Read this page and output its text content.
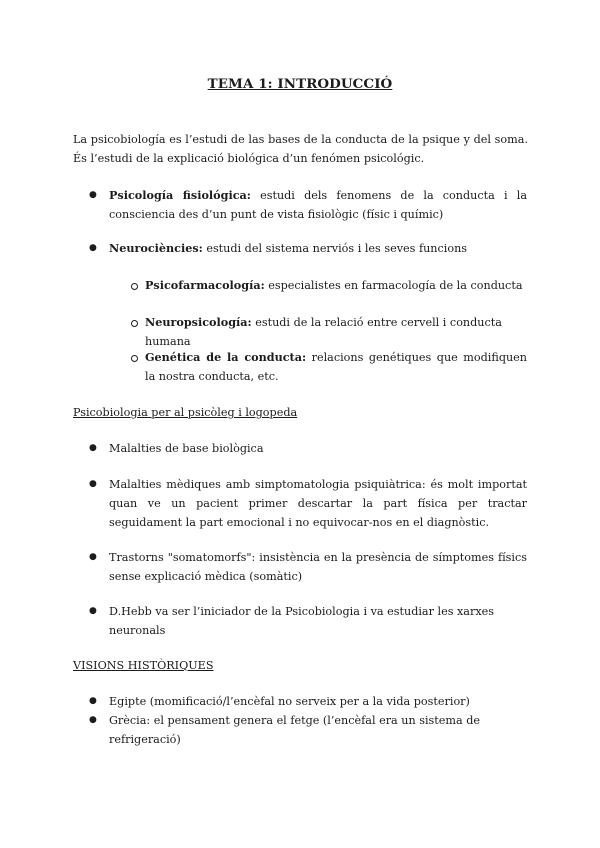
TEMA 1: INTRODUCCIÓ

La psicobiología es l’estudi de las bases de la conducta de la psique y del soma. És l’estudi de la explicació biológica d’un fenómen psicológic.

● Psicología fisiológica: estudi dels fenomens de la conducta i la consciencia des d’un punt de vista fisiològic (físic i químic)

● Neurociències: estudi del sistema nerviós i les seves funcions

Psicofarmacología: especialistes en farmacología de la conducta

Neuropsicología: estudi de la relació entre cervell i conducta humana

Genética de la conducta: relacions genétiques que modifiquen la nostra conducta, etc.

Psicobiologia per al psicòleg i logopeda

● Malalties de base biològica

● Malalties mèdiques amb simptomatologia psiquiàtrica: és molt importat quan ve un pacient primer descartar la part física per tractar seguidament la part emocional i no equivocar-nos en el diagnòstic.

● Trastorns "somatomorfs": insistència en la presència de símptomes físics sense explicació mèdica (somàtic)

● D.Hebb va ser l’iniciador de la Psicobiologia i va estudiar les xarxes neuronals

VISIONS HISTÒRIQUES

● Egipte (momificació/l’encèfal no serveix per a la vida posterior)

● Grècia: el pensament genera el fetge (l’encèfal era un sistema de refrigeració)
